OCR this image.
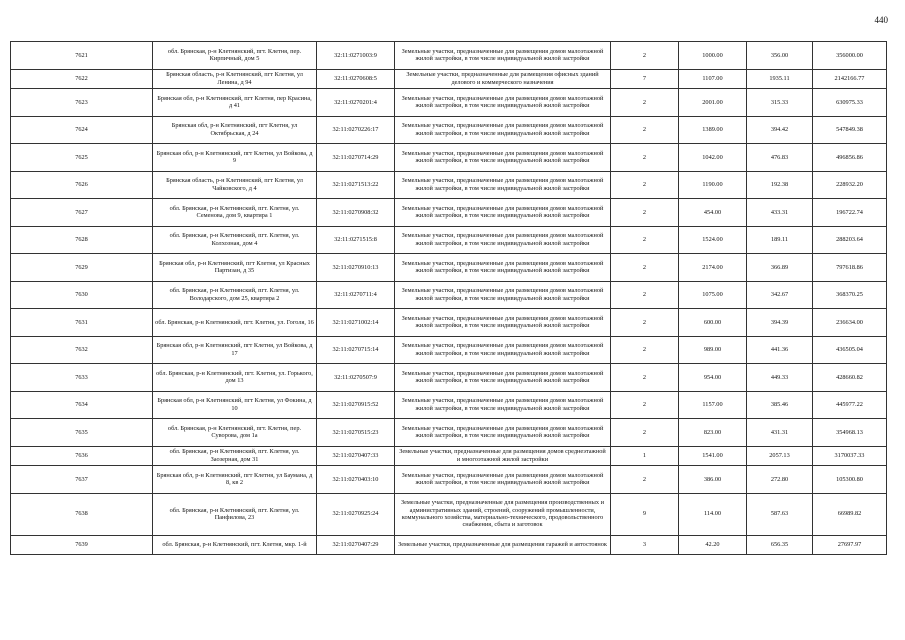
440
7621	обл. Брянская, р-н Клетнянский, пгт. Клетня, пер. Кирпичный, дом 5	32:11:0271003:9	Земельные участки, предназначенные для размещения домов малоэтажной жилой застройки, в том числе индивидуальной жилой застройки	2	1000.00	356.00	356000.00
7622	Брянская область, р-н Клетнянский, пгт Клетня, ул Ленина, д 94	32:11:0270608:5	Земельные участки, предназначенные для размещения офисных зданий делового и коммерческого назначения	7	1107.00	1935.11	2142166.77
7623	Брянская обл, р-н Клетнянский, пгт Клетня, пер Красина, д 41	32:11:0270201:4	Земельные участки, предназначенные для размещения домов малоэтажной жилой застройки, в том числе индивидуальной жилой застройки	2	2001.00	315.33	630975.33
7624	Брянская обл, р-н Клетнянский, пгт Клетня, ул Октябрьская, д 24	32:11:0270226:17	Земельные участки, предназначенные для размещения домов малоэтажной жилой застройки, в том числе индивидуальной жилой застройки	2	1389.00	394.42	547849.38
7625	Брянская обл, р-н Клетнянский, пгт Клетня, ул Войкова, д 9	32:11:0270714:29	Земельные участки, предназначенные для размещения домов малоэтажной жилой застройки, в том числе индивидуальной жилой застройки	2	1042.00	476.83	496856.86
7626	Брянская область, р-н Клетнянский, пгт Клетня, ул Чайковского, д 4	32:11:0271513:22	Земельные участки, предназначенные для размещения домов малоэтажной жилой застройки, в том числе индивидуальной жилой застройки	2	1190.00	192.38	228932.20
7627	обл. Брянская, р-н Клетнянский, пгт. Клетня, ул. Семенова, дом 9, квартира 1	32:11:0270908:32	Земельные участки, предназначенные для размещения домов малоэтажной жилой застройки, в том числе индивидуальной жилой застройки	2	454.00	433.31	196722.74
7628	обл. Брянская, р-н Клетнянский, пгт. Клетня, ул. Колхозная, дом 4	32:11:0271515:8	Земельные участки, предназначенные для размещения домов малоэтажной жилой застройки, в том числе индивидуальной жилой застройки	2	1524.00	189.11	288203.64
7629	Брянская обл, р-н Клетнянский, пгт Клетня, ул Красных Партизан, д 35	32:11:0270910:13	Земельные участки, предназначенные для размещения домов малоэтажной жилой застройки, в том числе индивидуальной жилой застройки	2	2174.00	366.89	797618.86
7630	обл. Брянская, р-н Клетнянский, пгт. Клетня, ул. Володарского, дом 25, квартира 2	32:11:0270711:4	Земельные участки, предназначенные для размещения домов малоэтажной жилой застройки, в том числе индивидуальной жилой застройки	2	1075.00	342.67	368370.25
7631	обл. Брянская, р-н Клетнянский, пгт. Клетня, ул. Гоголя, 16	32:11:0271002:14	Земельные участки, предназначенные для размещения домов малоэтажной жилой застройки, в том числе индивидуальной жилой застройки	2	600.00	394.39	236634.00
7632	Брянская обл, р-н Клетнянский, пгт Клетня, ул Войкова, д 17	32:11:0270715:14	Земельные участки, предназначенные для размещения домов малоэтажной жилой застройки, в том числе индивидуальной жилой застройки	2	989.00	441.36	436505.04
7633	обл. Брянская, р-н Клетнянский, пгт. Клетня, ул. Горького, дом 13	32:11:0270507:9	Земельные участки, предназначенные для размещения домов малоэтажной жилой застройки, в том числе индивидуальной жилой застройки	2	954.00	449.33	428660.82
7634	Брянская обл, р-н Клетнянский, пгт Клетня, ул Фокина, д 10	32:11:0270915:52	Земельные участки, предназначенные для размещения домов малоэтажной жилой застройки, в том числе индивидуальной жилой застройки	2	1157.00	385.46	445977.22
7635	обл. Брянская, р-н Клетнянский, пгт. Клетня, пер. Суворова, дом 1а	32:11:0270515:23	Земельные участки, предназначенные для размещения домов малоэтажной жилой застройки, в том числе индивидуальной жилой застройки	2	823.00	431.31	354968.13
7636	обл. Брянская, р-н Клетнянский, пгт. Клетня, ул. Заозерная, дом 31	32:11:0270407:33	Земельные участки, предназначенные для размещения домов среднеэтажной и многоэтажной жилой застройки	1	1541.00	2057.13	3170037.33
7637	Брянская обл, р-н Клетнянский, пгт Клетня, ул Баумана, д 8, кв 2	32:11:0270403:10	Земельные участки, предназначенные для размещения домов малоэтажной жилой застройки, в том числе индивидуальной жилой застройки	2	386.00	272.80	105300.80
7638	обл. Брянская, р-н Клетнянский, пгт. Клетня, ул. Панфилова, 23	32:11:0270925:24	Земельные участки, предназначенные для размещения производственных и административных зданий, строений, сооружений промышленности, коммунального хозяйства, материально-технического, продовольственного снабжения, сбыта и заготовок	9	114.00	587.63	66989.82
7639	обл. Брянская, р-н Клетнянский, пгт. Клетня, мкр. 1-й	32:11:0270407:29	Земельные участки, предназначенные для размещения гаражей и автостоянок	3	42.20	656.35	27697.97
